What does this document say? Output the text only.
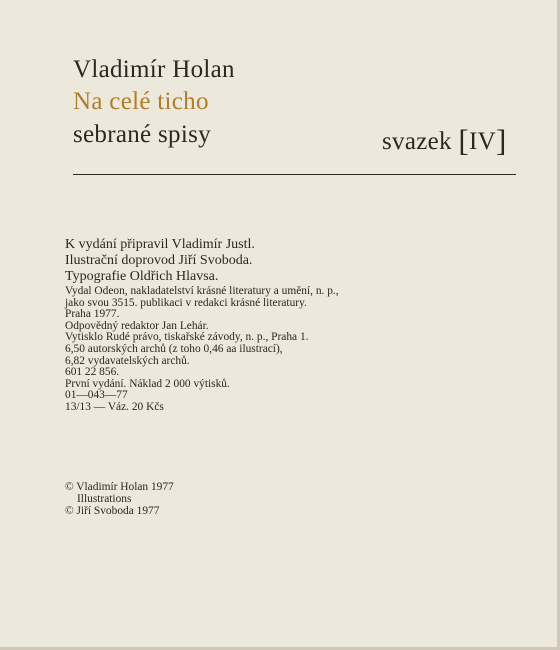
Vladimír Holan
Na celé ticho
sebrané spisy	svazek [IV]
K vydání připravil Vladimír Justl.
Ilustrační doprovod Jiří Svoboda.
Typografie Oldřich Hlavsa.
Vydal Odeon, nakladatelství krásné literatury a umění, n. p.,
jako svou 3515. publikaci v redakci krásné literatury.
Praha 1977.
Odpovědný redaktor Jan Lehár.
Vytisklo Rudé právo, tiskařské závody, n. p., Praha 1.
6,50 autorských archů (z toho 0,46 aa ilustrací),
6,82 vydavatelských archů.
601 22 856.
První vydání. Náklad 2 000 výtisků.
01—043—77
13/13 — Váz. 20 Kčs
© Vladimír Holan 1977
Illustrations
© Jiří Svoboda 1977
